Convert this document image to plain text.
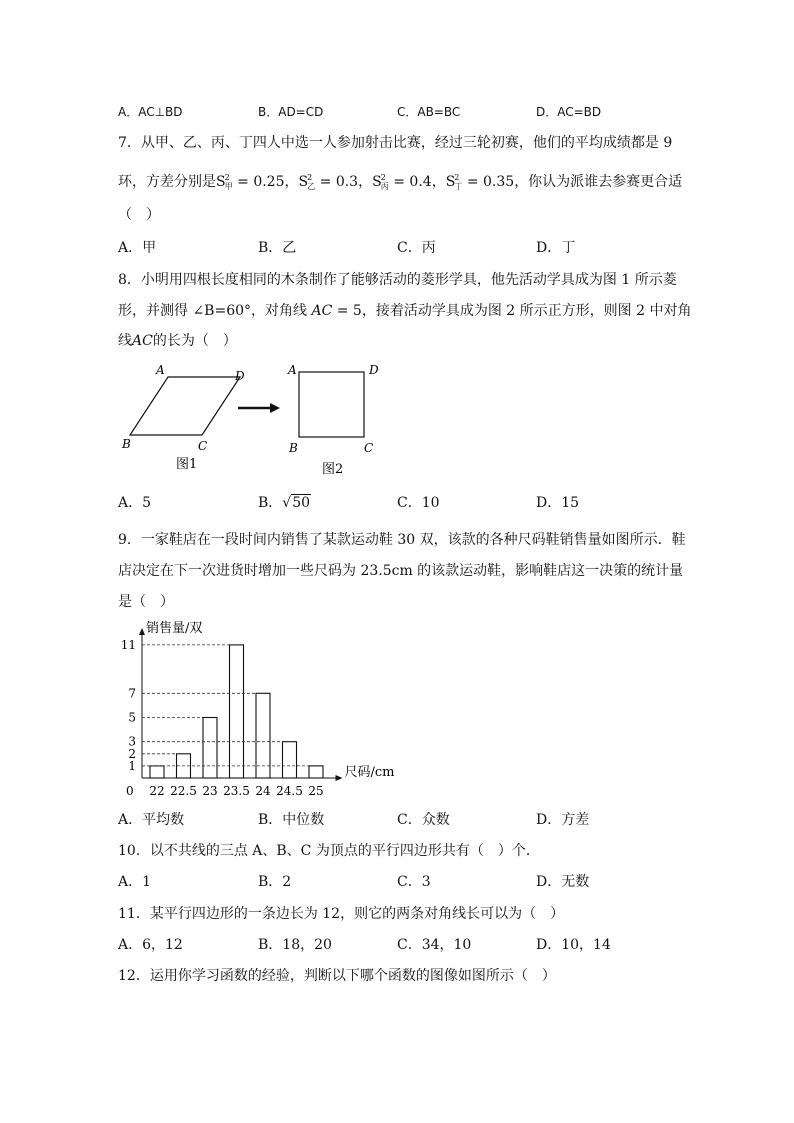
A．AC⊥BD	B．AD=CD	C．AB=BC	D．AC=BD
7．从甲、乙、丙、丁四人中选一人参加射击比赛，经过三轮初赛，他们的平均成绩都是 9
环，方差分别是$S^2_甲 = 0.25$，$S^2_乙 = 0.3$，$S^2_丙 = 0.4$，$S^2_丁 = 0.35$，你认为派谁去参赛更合适
（　）
A．甲	B．乙	C．丙	D．丁
8．小明用四根长度相同的木条制作了能够活动的菱形学具，他先活动学具成为图 1 所示菱
形，并测得 ∠B=60°，对角线 AC = 5，接着活动学具成为图 2 所示正方形，则图 2 中对角
线AC的长为（　）
A	D
B	C
图1
A	D
B	C
图2
A．5	B．√50	C．10	D．15
9．一家鞋店在一段时间内销售了某款运动鞋 30 双，该款的各种尺码鞋销售量如图所示．鞋
店决定在下一次进货时增加一些尺码为 23.5cm 的该款运动鞋，影响鞋店这一决策的统计量
是（　）
销售量/双
尺码/cm
0 22 22.5 23 23.5 24 24.5 25
1
2
3
5
7
11
A．平均数	B．中位数	C．众数	D．方差
10．以不共线的三点 A、B、C 为顶点的平行四边形共有（　）个．
A．1	B．2	C．3	D．无数
11．某平行四边形的一条边长为 12，则它的两条对角线长可以为（　）
A．6，12	B．18，20	C．34，10	D．10，14
12．运用你学习函数的经验，判断以下哪个函数的图像如图所示（　）
